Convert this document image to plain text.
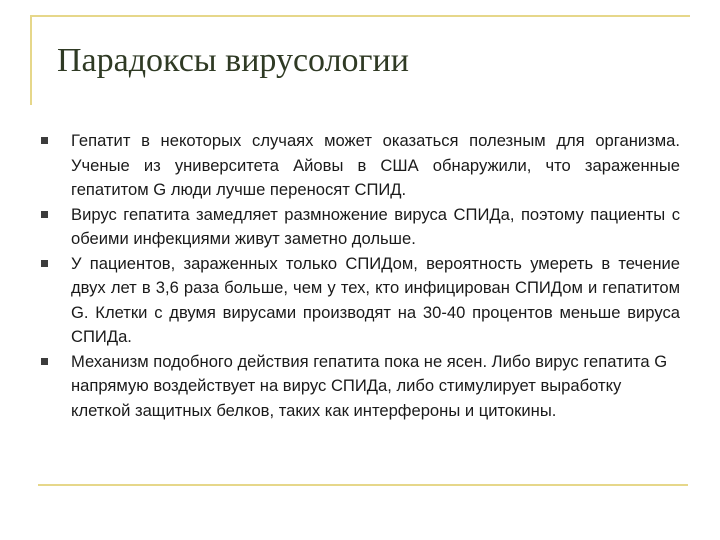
Парадоксы вирусологии
Гепатит в некоторых случаях может оказаться полезным для организма. Ученые из университета Айовы в США обнаружили, что зараженные гепатитом G люди лучше переносят СПИД.
Вирус гепатита замедляет размножение вируса СПИДа, поэтому пациенты с обеими инфекциями живут заметно дольше.
У пациентов, зараженных только СПИДом, вероятность умереть в течение двух лет в 3,6 раза больше, чем у тех, кто инфицирован СПИДом и гепатитом G. Клетки с двумя вирусами производят на 30-40 процентов меньше вируса СПИДа.
Механизм подобного действия гепатита пока не ясен. Либо вирус гепатита G напрямую воздействует на вирус СПИДа, либо стимулирует выработку клеткой защитных белков, таких как интерфероны и цитокины.
